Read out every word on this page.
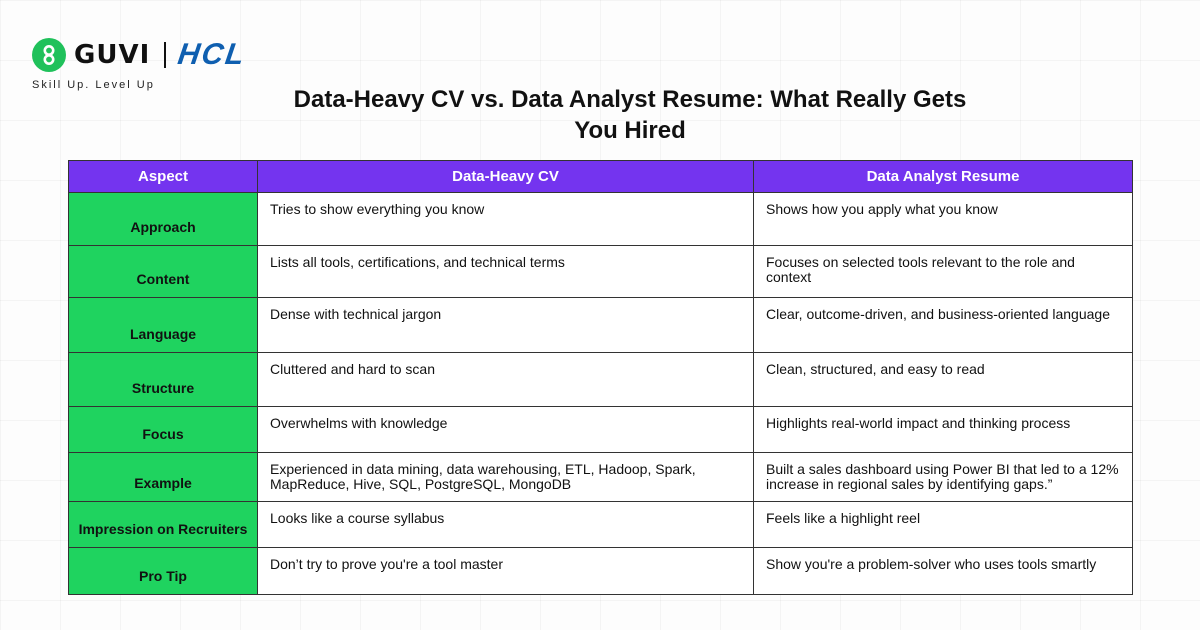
GUVI HCL
Skill Up. Level Up
Data-Heavy CV vs. Data Analyst Resume: What Really Gets You Hired
Aspect	Data-Heavy CV	Data Analyst Resume
Approach	Tries to show everything you know	Shows how you apply what you know
Content	Lists all tools, certifications, and technical terms	Focuses on selected tools relevant to the role and context
Language	Dense with technical jargon	Clear, outcome-driven, and business-oriented language
Structure	Cluttered and hard to scan	Clean, structured, and easy to read
Focus	Overwhelms with knowledge	Highlights real-world impact and thinking process
Example	Experienced in data mining, data warehousing, ETL, Hadoop, Spark, MapReduce, Hive, SQL, PostgreSQL, MongoDB	Built a sales dashboard using Power BI that led to a 12% increase in regional sales by identifying gaps.”
Impression on Recruiters	Looks like a course syllabus	Feels like a highlight reel
Pro Tip	Don’t try to prove you're a tool master	Show you're a problem-solver who uses tools smartly
